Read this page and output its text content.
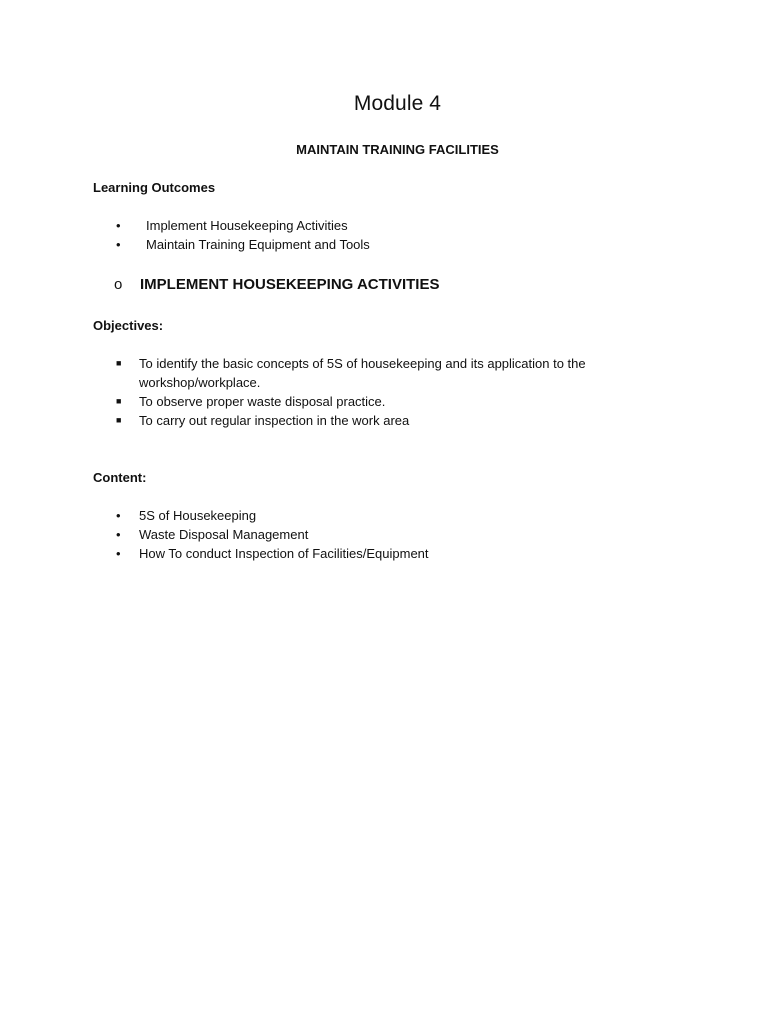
Module 4
MAINTAIN TRAINING FACILITIES
Learning Outcomes
• Implement Housekeeping Activities
• Maintain Training Equipment and Tools
o IMPLEMENT HOUSEKEEPING ACTIVITIES
Objectives:
■ To identify the basic concepts of 5S of housekeeping and its application to the workshop/workplace.
■ To observe proper waste disposal practice.
■ To carry out regular inspection in the work area
Content:
• 5S of Housekeeping
• Waste Disposal Management
• How To conduct Inspection of Facilities/Equipment
